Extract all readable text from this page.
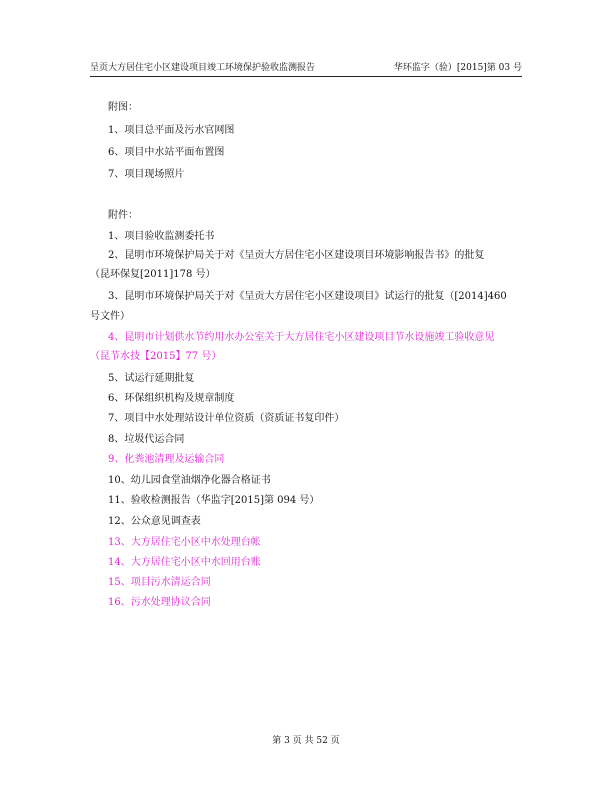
呈贡大方居住宅小区建设项目竣工环境保护验收监测报告	华环监字（验）[2015]第 03 号
附图：
1、项目总平面及污水官网图
6、项目中水站平面布置图
7、项目现场照片
附件：
1、项目验收监测委托书
2、昆明市环境保护局关于对《呈贡大方居住宅小区建设项目环境影响报告书》的批复
（昆环保复[2011]178 号）
3、昆明市环境保护局关于对《呈贡大方居住宅小区建设项目》试运行的批复（[2014]460
号文件）
4、昆明市计划供水节约用水办公室关于大方居住宅小区建设项目节水设施竣工验收意见
（昆节水技【2015】77 号）
5、试运行延期批复
6、环保组织机构及规章制度
7、项目中水处理站设计单位资质（资质证书复印件）
8、垃圾代运合同
9、化粪池清理及运输合同
10、幼儿园食堂油烟净化器合格证书
11、验收检测报告（华监字[2015]第 094 号）
12、公众意见调查表
13、大方居住宅小区中水处理台帐
14、大方居住宅小区中水回用台账
15、项目污水清运合同
16、污水处理协议合同
第 3 页 共 52 页
